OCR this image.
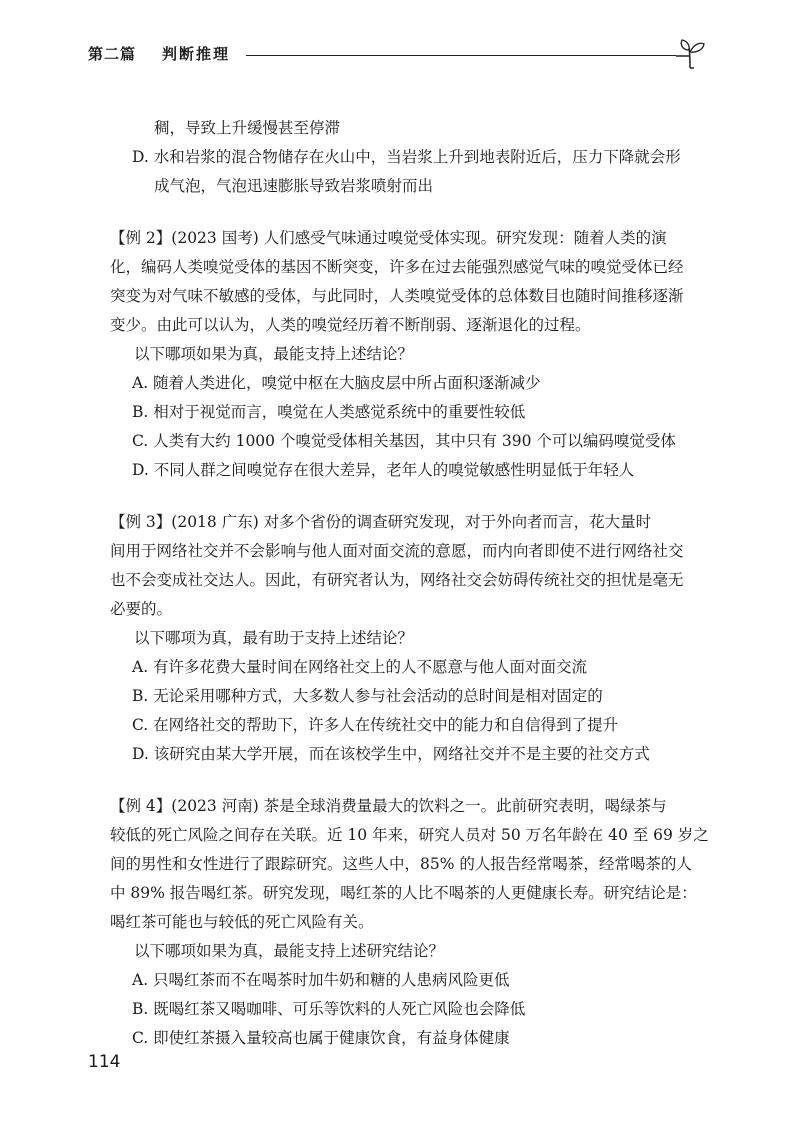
第二篇 判断推理
稠，导致上升缓慢甚至停滞
D. 水和岩浆的混合物储存在火山中，当岩浆上升到地表附近后，压力下降就会形
成气泡，气泡迅速膨胀导致岩浆喷射而出
【例 2】(2023 国考) 人们感受气味通过嗅觉受体实现。研究发现：随着人类的演
化，编码人类嗅觉受体的基因不断突变，许多在过去能强烈感觉气味的嗅觉受体已经
突变为对气味不敏感的受体，与此同时，人类嗅觉受体的总体数目也随时间推移逐渐
变少。由此可以认为，人类的嗅觉经历着不断削弱、逐渐退化的过程。
以下哪项如果为真，最能支持上述结论？
A. 随着人类进化，嗅觉中枢在大脑皮层中所占面积逐渐减少
B. 相对于视觉而言，嗅觉在人类感觉系统中的重要性较低
C. 人类有大约 1000 个嗅觉受体相关基因，其中只有 390 个可以编码嗅觉受体
D. 不同人群之间嗅觉存在很大差异，老年人的嗅觉敏感性明显低于年轻人
【例 3】(2018 广东) 对多个省份的调查研究发现，对于外向者而言，花大量时
间用于网络社交并不会影响与他人面对面交流的意愿，而内向者即使不进行网络社交
也不会变成社交达人。因此，有研究者认为，网络社交会妨碍传统社交的担忧是毫无
必要的。
以下哪项为真，最有助于支持上述结论？
A. 有许多花费大量时间在网络社交上的人不愿意与他人面对面交流
B. 无论采用哪种方式，大多数人参与社会活动的总时间是相对固定的
C. 在网络社交的帮助下，许多人在传统社交中的能力和自信得到了提升
D. 该研究由某大学开展，而在该校学生中，网络社交并不是主要的社交方式
【例 4】(2023 河南) 茶是全球消费量最大的饮料之一。此前研究表明，喝绿茶与
较低的死亡风险之间存在关联。近 10 年来，研究人员对 50 万名年龄在 40 至 69 岁之
间的男性和女性进行了跟踪研究。这些人中，85% 的人报告经常喝茶，经常喝茶的人
中 89% 报告喝红茶。研究发现，喝红茶的人比不喝茶的人更健康长寿。研究结论是：
喝红茶可能也与较低的死亡风险有关。
以下哪项如果为真，最能支持上述研究结论？
A. 只喝红茶而不在喝茶时加牛奶和糖的人患病风险更低
B. 既喝红茶又喝咖啡、可乐等饮料的人死亡风险也会降低
C. 即使红茶摄入量较高也属于健康饮食，有益身体健康
114
